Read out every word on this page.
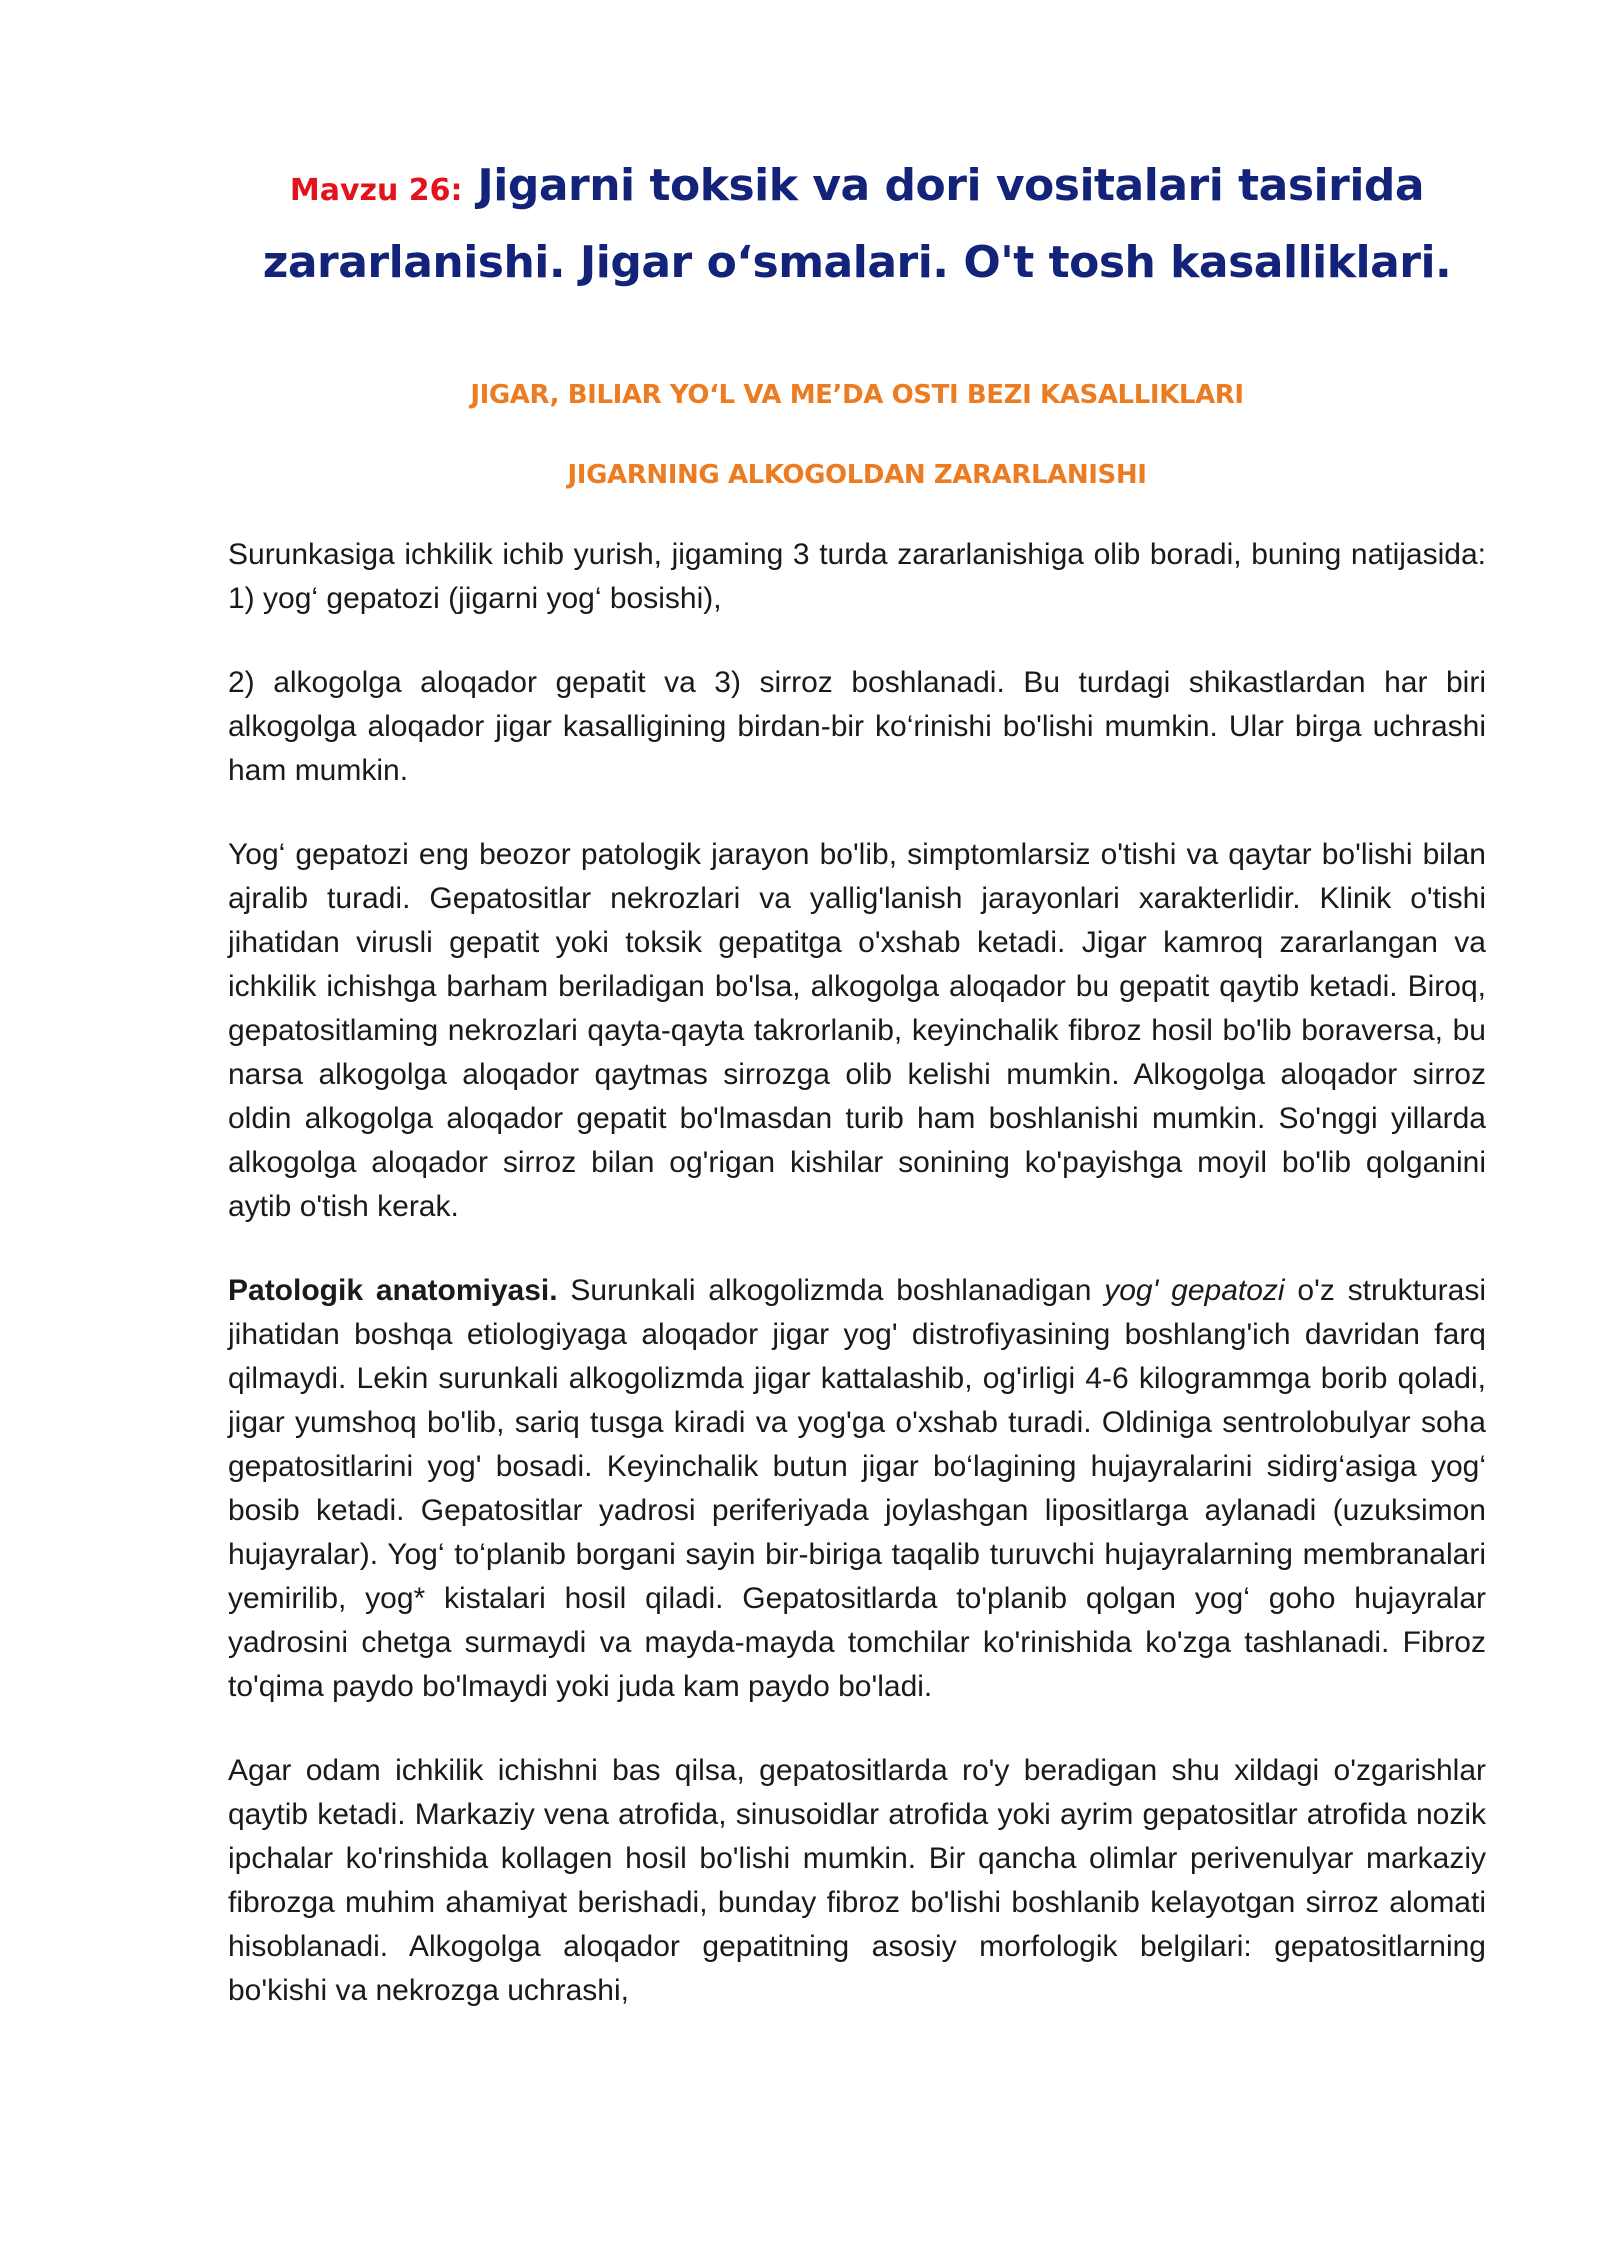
Mavzu 26: Jigarni toksik va dori vositalari tasirida zararlanishi. Jigar o‘smalari. O't tosh kasalliklari.
JIGAR, BILIAR YO‘L VA ME’DA OSTI BEZI KASALLIKLARI
JIGARNING ALKOGOLDAN ZARARLANISHI

Surunkasiga ichkilik ichib yurish, jigaming 3 turda zararlanishiga olib boradi, buning natijasida: 1) yog‘ gepatozi (jigarni yog‘ bosishi),

2) alkogolga aloqador gepatit va 3) sirroz boshlanadi. Bu turdagi shikastlardan har biri alkogolga aloqador jigar kasalligining birdan-bir ko‘rinishi bo'lishi mumkin. Ular birga uchrashi ham mumkin.

Yog‘ gepatozi eng beozor patologik jarayon bo'lib, simptomlarsiz o'tishi va qaytar bo'lishi bilan ajralib turadi. Gepatositlar nekrozlari va yallig'lanish jarayonlari xarakterlidir. Klinik o'tishi jihatidan virusli gepatit yoki toksik gepatitga o'xshab ketadi. Jigar kamroq zararlangan va ichkilik ichishga barham beriladigan bo'lsa, alkogolga aloqador bu gepatit qaytib ketadi. Biroq, gepatositlaming nekrozlari qayta-qayta takrorlanib, keyinchalik fibroz hosil bo'lib boraversa, bu narsa alkogolga aloqador qaytmas sirrozga olib kelishi mumkin. Alkogolga aloqador sirroz oldin alkogolga aloqador gepatit bo'lmasdan turib ham boshlanishi mumkin. So'nggi yillarda alkogolga aloqador sirroz bilan og'rigan kishilar sonining ko'payishga moyil bo'lib qolganini aytib o'tish kerak.

Patologik anatomiyasi. Surunkali alkogolizmda boshlanadigan yog' gepatozi o'z strukturasi jihatidan boshqa etiologiyaga aloqador jigar yog' distrofiyasining boshlang'ich davridan farq qilmaydi. Lekin surunkali alkogolizmda jigar kattalashib, og'irligi 4-6 kilogrammga borib qoladi, jigar yumshoq bo'lib, sariq tusga kiradi va yog'ga o'xshab turadi. Oldiniga sentrolobulyar soha gepatositlarini yog' bosadi. Keyinchalik butun jigar bo‘lagining hujayralarini sidirg‘asiga yog‘ bosib ketadi. Gepatositlar yadrosi periferiyada joylashgan lipositlarga aylanadi (uzuksimon hujayralar). Yog‘ to‘planib borgani sayin bir-biriga taqalib turuvchi hujayralarning membranalari yemirilib, yog* kistalari hosil qiladi. Gepatositlarda to'planib qolgan yog‘ goho hujayralar yadrosini chetga surmaydi va mayda-mayda tomchilar ko'rinishida ko'zga tashlanadi. Fibroz to'qima paydo bo'lmaydi yoki juda kam paydo bo'ladi.

Agar odam ichkilik ichishni bas qilsa, gepatositlarda ro'y beradigan shu xildagi o'zgarishlar qaytib ketadi. Markaziy vena atrofida, sinusoidlar atrofida yoki ayrim gepatositlar atrofida nozik ipchalar ko'rinshida kollagen hosil bo'lishi mumkin. Bir qancha olimlar perivenulyar markaziy fibrozga muhim ahamiyat berishadi, bunday fibroz bo'lishi boshlanib kelayotgan sirroz alomati hisoblanadi. Alkogolga aloqador gepatitning asosiy morfologik belgilari: gepatositlarning bo'kishi va nekrozga uchrashi,
